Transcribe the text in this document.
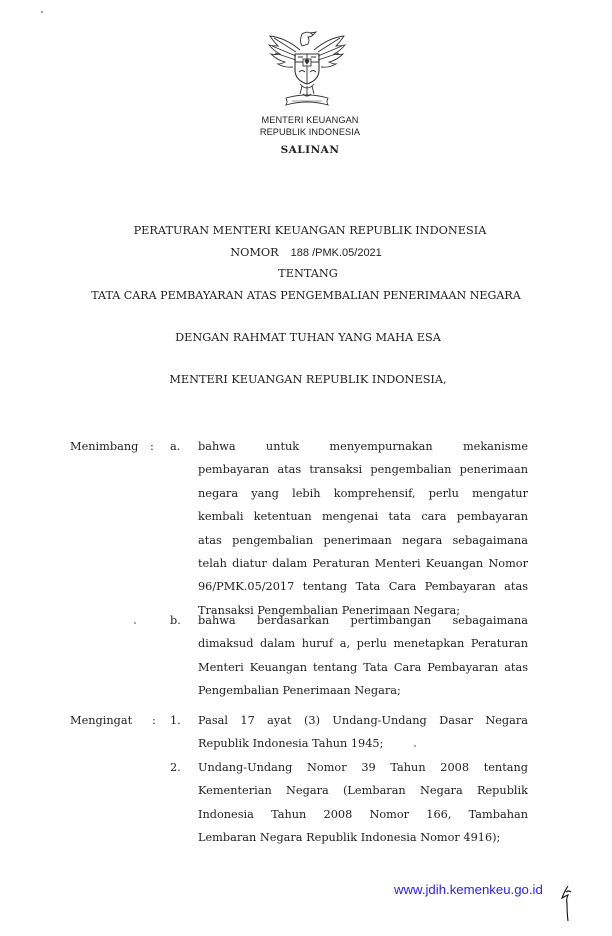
MENTERI KEUANGAN
REPUBLIK INDONESIA
SALINAN
PERATURAN MENTERI KEUANGAN REPUBLIK INDONESIA
NOMOR 188 /PMK.05/2021
TENTANG
TATA CARA PEMBAYARAN ATAS PENGEMBALIAN PENERIMAAN NEGARA
DENGAN RAHMAT TUHAN YANG MAHA ESA
MENTERI KEUANGAN REPUBLIK INDONESIA,
Menimbang : a. bahwa untuk menyempurnakan mekanisme
pembayaran atas transaksi pengembalian penerimaan
negara yang lebih komprehensif, perlu mengatur
kembali ketentuan mengenai tata cara pembayaran
atas pengembalian penerimaan negara sebagaimana
telah diatur dalam Peraturan Menteri Keuangan Nomor
96/PMK.05/2017 tentang Tata Cara Pembayaran atas
Transaksi Pengembalian Penerimaan Negara;
b. bahwa berdasarkan pertimbangan sebagaimana
dimaksud dalam huruf a, perlu menetapkan Peraturan
Menteri Keuangan tentang Tata Cara Pembayaran atas
Pengembalian Penerimaan Negara;
Mengingat : 1. Pasal 17 ayat (3) Undang-Undang Dasar Negara
Republik Indonesia Tahun 1945;
2. Undang-Undang Nomor 39 Tahun 2008 tentang
Kementerian Negara (Lembaran Negara Republik
Indonesia Tahun 2008 Nomor 166, Tambahan
Lembaran Negara Republik Indonesia Nomor 4916);
www.jdih.kemenkeu.go.id
